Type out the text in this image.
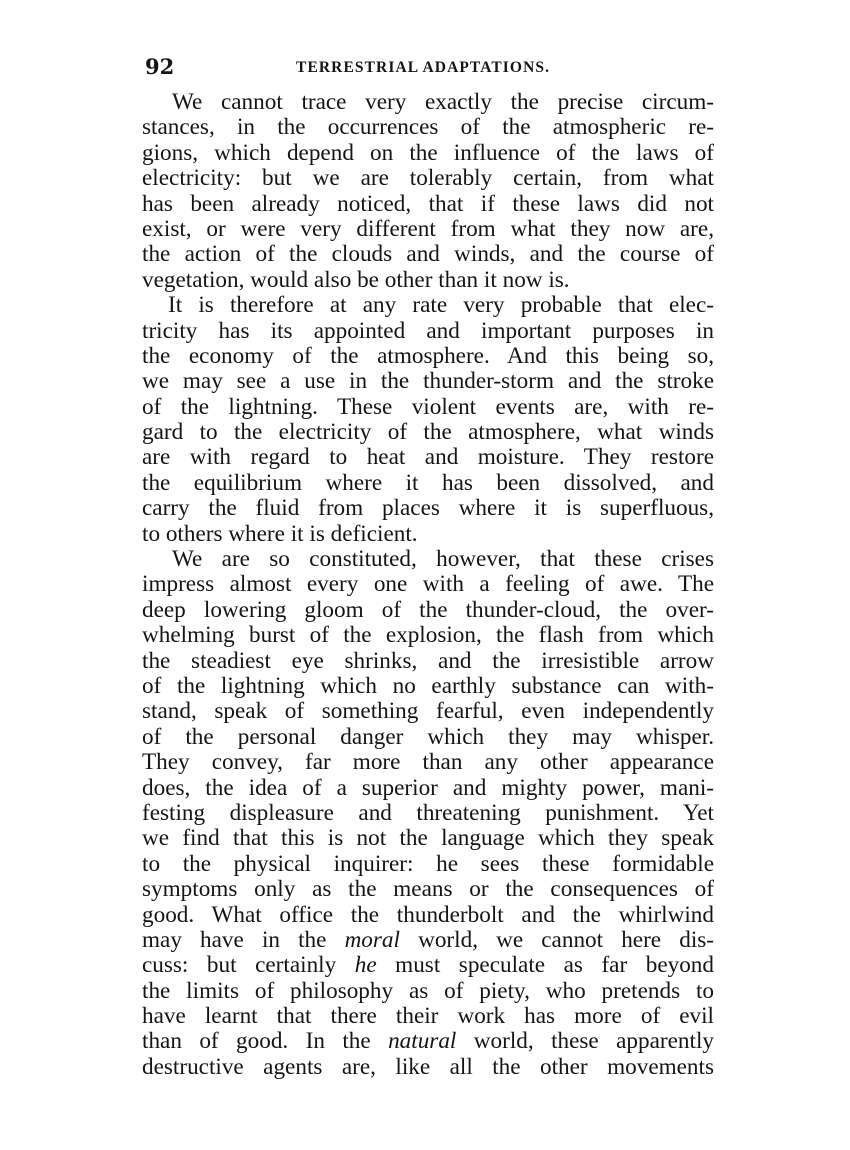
92	TERRESTRIAL ADAPTATIONS.
We cannot trace very exactly the precise circum-
stances, in the occurrences of the atmospheric re-
gions, which depend on the influence of the laws of
electricity: but we are tolerably certain, from what
has been already noticed, that if these laws did not
exist, or were very different from what they now are,
the action of the clouds and winds, and the course of
vegetation, would also be other than it now is.
It is therefore at any rate very probable that elec-
tricity has its appointed and important purposes in
the economy of the atmosphere. And this being so,
we may see a use in the thunder-storm and the stroke
of the lightning. These violent events are, with re-
gard to the electricity of the atmosphere, what winds
are with regard to heat and moisture. They restore
the equilibrium where it has been dissolved, and
carry the fluid from places where it is superfluous,
to others where it is deficient.
We are so constituted, however, that these crises
impress almost every one with a feeling of awe. The
deep lowering gloom of the thunder-cloud, the over-
whelming burst of the explosion, the flash from which
the steadiest eye shrinks, and the irresistible arrow
of the lightning which no earthly substance can with-
stand, speak of something fearful, even independently
of the personal danger which they may whisper.
They convey, far more than any other appearance
does, the idea of a superior and mighty power, mani-
festing displeasure and threatening punishment. Yet
we find that this is not the language which they speak
to the physical inquirer: he sees these formidable
symptoms only as the means or the consequences of
good. What office the thunderbolt and the whirlwind
may have in the moral world, we cannot here dis-
cuss: but certainly he must speculate as far beyond
the limits of philosophy as of piety, who pretends to
have learnt that there their work has more of evil
than of good. In the natural world, these apparently
destructive agents are, like all the other movements
